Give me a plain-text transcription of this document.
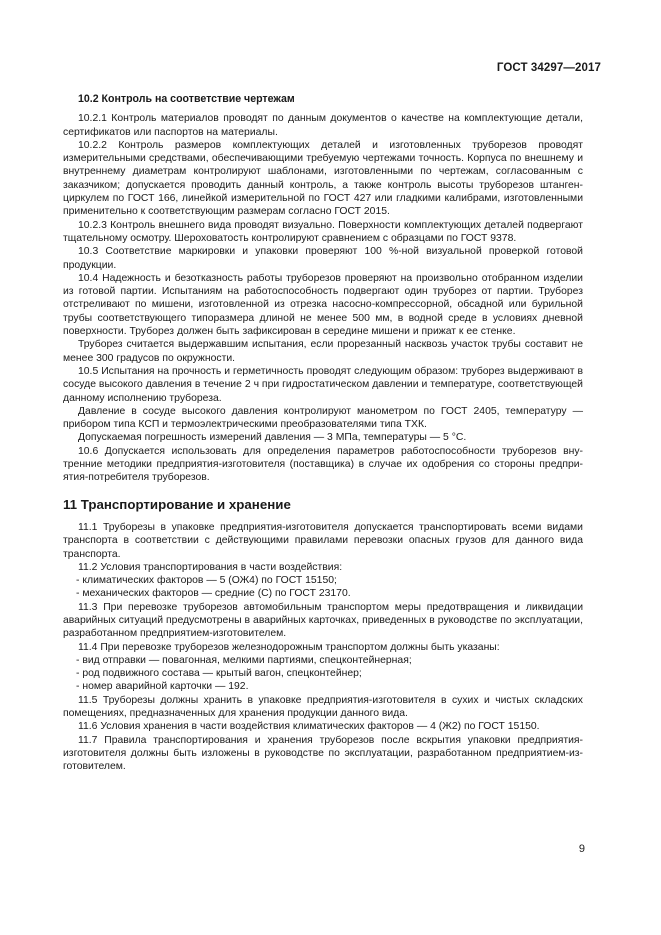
ГОСТ 34297—2017
10.2 Контроль на соответствие чертежам

10.2.1 Контроль материалов проводят по данным документов о качестве на комплектующие детали, сертификатов или паспортов на материалы.

10.2.2 Контроль размеров комплектующих деталей и изготовленных труборезов проводят измерительными средствами, обеспечивающими требуемую чертежами точность. Корпуса по внешнему и внутреннему диаметрам контролируют шаблонами, изготовленными по чертежам, согласованным с заказчиком; допускается проводить данный контроль, а также контроль высоты труборезов штангенциркулем по ГОСТ 166, линейкой измерительной по ГОСТ 427 или гладкими калибрами, изготовленными применительно к соответствующим размерам согласно ГОСТ 2015.

10.2.3 Контроль внешнего вида проводят визуально. Поверхности комплектующих деталей подвергают тщательному осмотру. Шероховатость контролируют сравнением с образцами по ГОСТ 9378.

10.3 Соответствие маркировки и упаковки проверяют 100 %-ной визуальной проверкой готовой продукции.

10.4 Надежность и безотказность работы труборезов проверяют на произвольно отобранном изделии из готовой партии. Испытаниям на работоспособность подвергают один труборез от партии. Труборез отстреливают по мишени, изготовленной из отрезка насосно-компрессорной, обсадной или бурильной трубы соответствующего типоразмера длиной не менее 500 мм, в водной среде в условиях дневной поверхности. Труборез должен быть зафиксирован в середине мишени и прижат к ее стенке.

Труборез считается выдержавшим испытания, если прорезанный насквозь участок трубы составит не менее 300 градусов по окружности.

10.5 Испытания на прочность и герметичность проводят следующим образом: труборез выдерживают в сосуде высокого давления в течение 2 ч при гидростатическом давлении и температуре, соответствующей данному исполнению труборезa.

Давление в сосуде высокого давления контролируют манометром по ГОСТ 2405, температуру — прибором типа КСП и термоэлектрическими преобразователями типа ТХК.

Допускаемая погрешность измерений давления — 3 МПа, температуры — 5 °С.

10.6 Допускается использовать для определения параметров работоспособности труборезов внутренние методики предприятия-изготовителя (поставщика) в случае их одобрения со стороны предприятия-потребителя труборезов.

11 Транспортирование и хранение

11.1 Труборезы в упаковке предприятия-изготовителя допускается транспортировать всеми видами транспорта в соответствии с действующими правилами перевозки опасных грузов для данного вида транспорта.

11.2 Условия транспортирования в части воздействия:

- климатических факторов — 5 (ОЖ4) по ГОСТ 15150;

- механических факторов — средние (С) по ГОСТ 23170.

11.3 При перевозке труборезов автомобильным транспортом меры предотвращения и ликвидации аварийных ситуаций предусмотрены в аварийных карточках, приведенных в руководстве по эксплуатации, разработанном предприятием-изготовителем.

11.4 При перевозке труборезов железнодорожным транспортом должны быть указаны:

- вид отправки — повагонная, мелкими партиями, спецконтейнерная;

- род подвижного состава — крытый вагон, спецконтейнер;

- номер аварийной карточки — 192.

11.5 Труборезы должны хранить в упаковке предприятия-изготовителя в сухих и чистых складских помещениях, предназначенных для хранения продукции данного вида.

11.6 Условия хранения в части воздействия климатических факторов — 4 (Ж2) по ГОСТ 15150.

11.7 Правила транспортирования и хранения труборезов после вскрытия упаковки предприятия-изготовителя должны быть изложены в руководстве по эксплуатации, разработанном предприятием-изготовителем.

9
